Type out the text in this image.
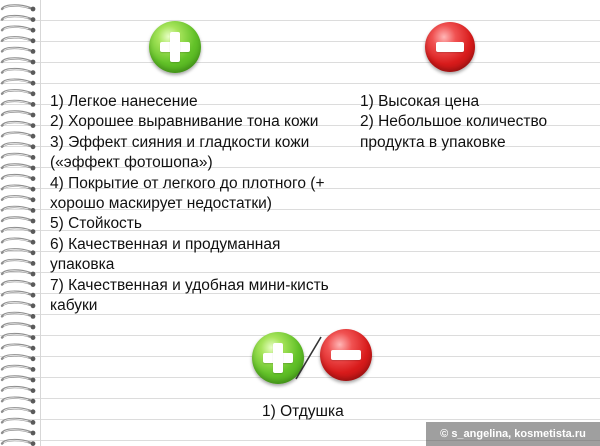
1) Легкое нанесение
2) Хорошее выравнивание тона кожи
3) Эффект сияния и гладкости кожи («эффект фотошопа»)
4) Покрытие от легкого до плотного (+ хорошо маскирует недостатки)
5) Стойкость
6) Качественная и продуманная упаковка
7) Качественная и удобная мини-кисть кабуки
1) Высокая цена
2) Небольшое количество продукта в упаковке
1) Отдушка
© s_angelina, kosmetista.ru
